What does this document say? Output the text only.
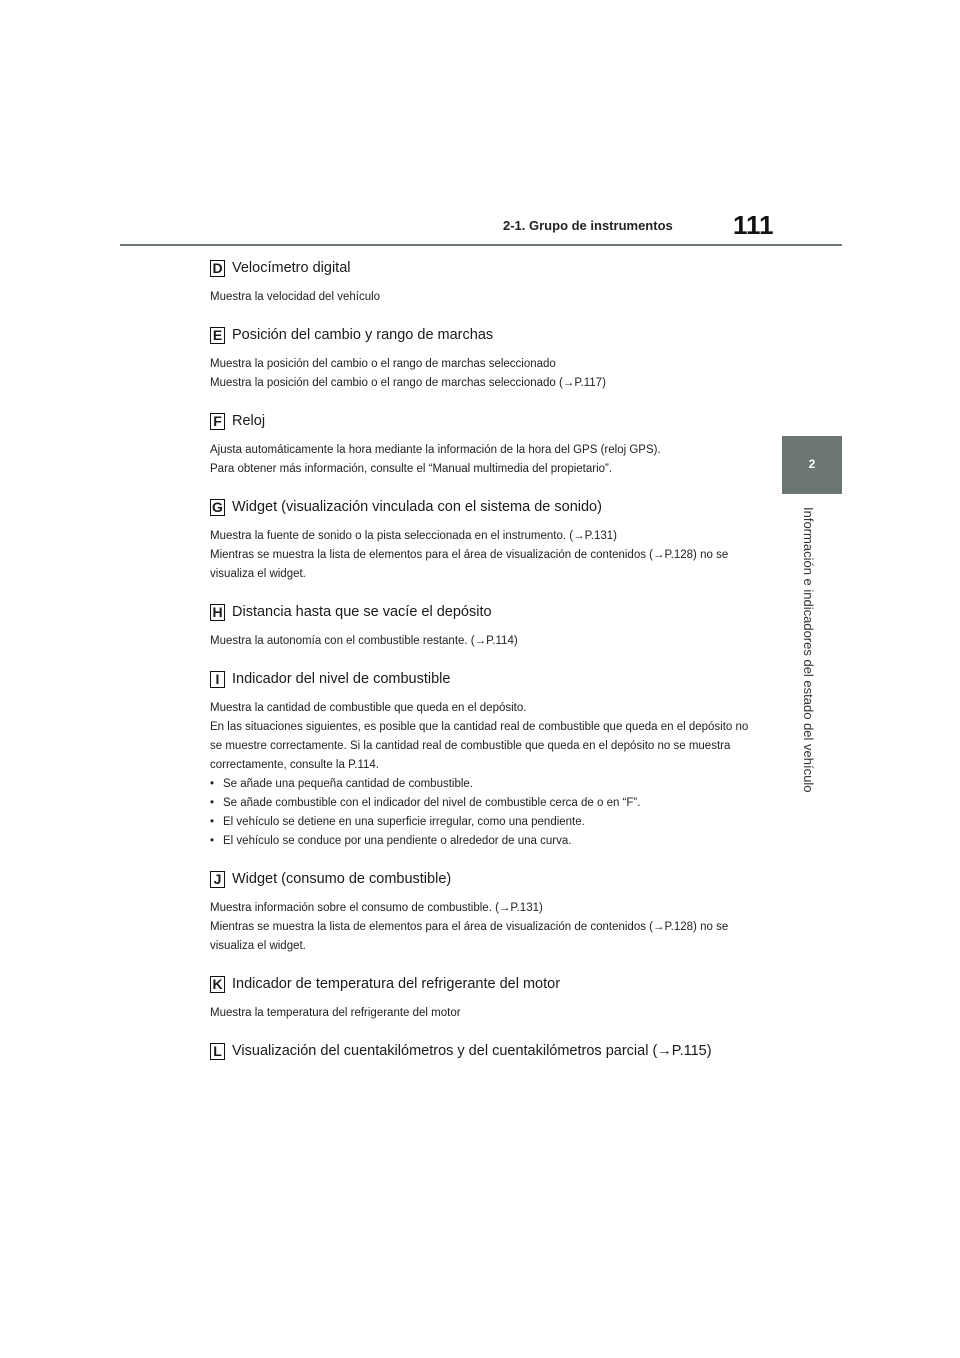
2-1. Grupo de instrumentos 111
2
Información e indicadores del estado del vehículo
D Velocímetro digital
Muestra la velocidad del vehículo
E Posición del cambio y rango de marchas
Muestra la posición del cambio o el rango de marchas seleccionado
Muestra la posición del cambio o el rango de marchas seleccionado (→P.117)
F Reloj
Ajusta automáticamente la hora mediante la información de la hora del GPS (reloj GPS).
Para obtener más información, consulte el “Manual multimedia del propietario”.
G Widget (visualización vinculada con el sistema de sonido)
Muestra la fuente de sonido o la pista seleccionada en el instrumento. (→P.131)
Mientras se muestra la lista de elementos para el área de visualización de contenidos (→P.128) no se visualiza el widget.
H Distancia hasta que se vacíe el depósito
Muestra la autonomía con el combustible restante. (→P.114)
I Indicador del nivel de combustible
Muestra la cantidad de combustible que queda en el depósito.
En las situaciones siguientes, es posible que la cantidad real de combustible que queda en el depósito no se muestre correctamente. Si la cantidad real de combustible que queda en el depósito no se muestra correctamente, consulte la P.114.
• Se añade una pequeña cantidad de combustible.
• Se añade combustible con el indicador del nivel de combustible cerca de o en “F”.
• El vehículo se detiene en una superficie irregular, como una pendiente.
• El vehículo se conduce por una pendiente o alrededor de una curva.
J Widget (consumo de combustible)
Muestra información sobre el consumo de combustible. (→P.131)
Mientras se muestra la lista de elementos para el área de visualización de contenidos (→P.128) no se visualiza el widget.
K Indicador de temperatura del refrigerante del motor
Muestra la temperatura del refrigerante del motor
L Visualización del cuentakilómetros y del cuentakilómetros parcial (→P.115)
